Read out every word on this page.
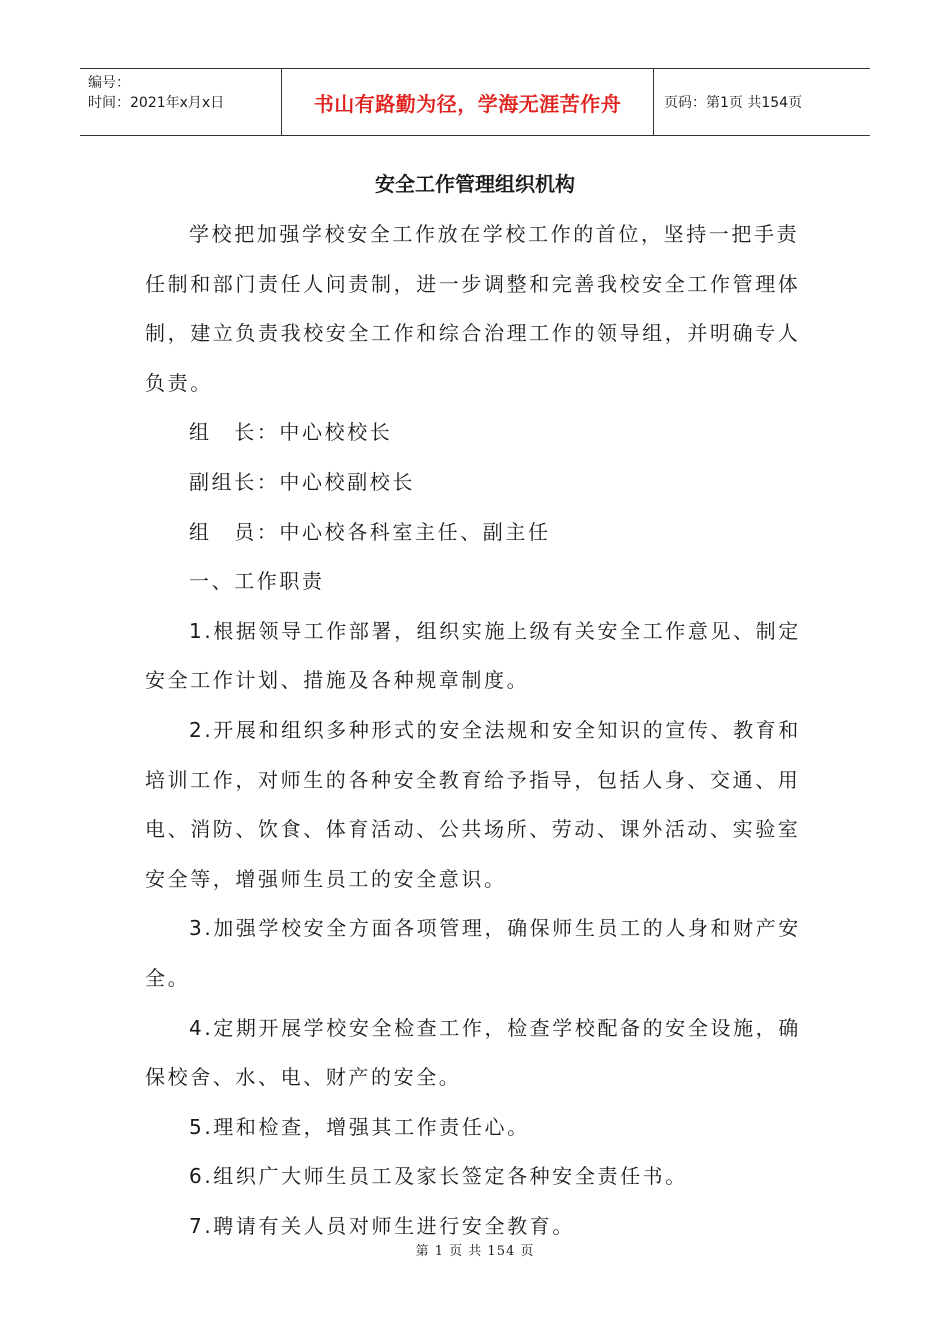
编号：
时间：2021年x月x日	书山有路勤为径，学海无涯苦作舟	页码：第1页 共154页
安全工作管理组织机构

学校把加强学校安全工作放在学校工作的首位，坚持一把手责任制和部门责任人问责制，进一步调整和完善我校安全工作管理体制，建立负责我校安全工作和综合治理工作的领导组，并明确专人负责。

组　长：中心校校长

副组长：中心校副校长

组　员：中心校各科室主任、副主任

一、工作职责

1.根据领导工作部署，组织实施上级有关安全工作意见、制定安全工作计划、措施及各种规章制度。

2.开展和组织多种形式的安全法规和安全知识的宣传、教育和培训工作，对师生的各种安全教育给予指导，包括人身、交通、用电、消防、饮食、体育活动、公共场所、劳动、课外活动、实验室安全等，增强师生员工的安全意识。

3.加强学校安全方面各项管理，确保师生员工的人身和财产安全。

4.定期开展学校安全检查工作，检查学校配备的安全设施，确保校舍、水、电、财产的安全。

5.理和检查，增强其工作责任心。

6.组织广大师生员工及家长签定各种安全责任书。

7.聘请有关人员对师生进行安全教育。

第 1 页 共 154 页
